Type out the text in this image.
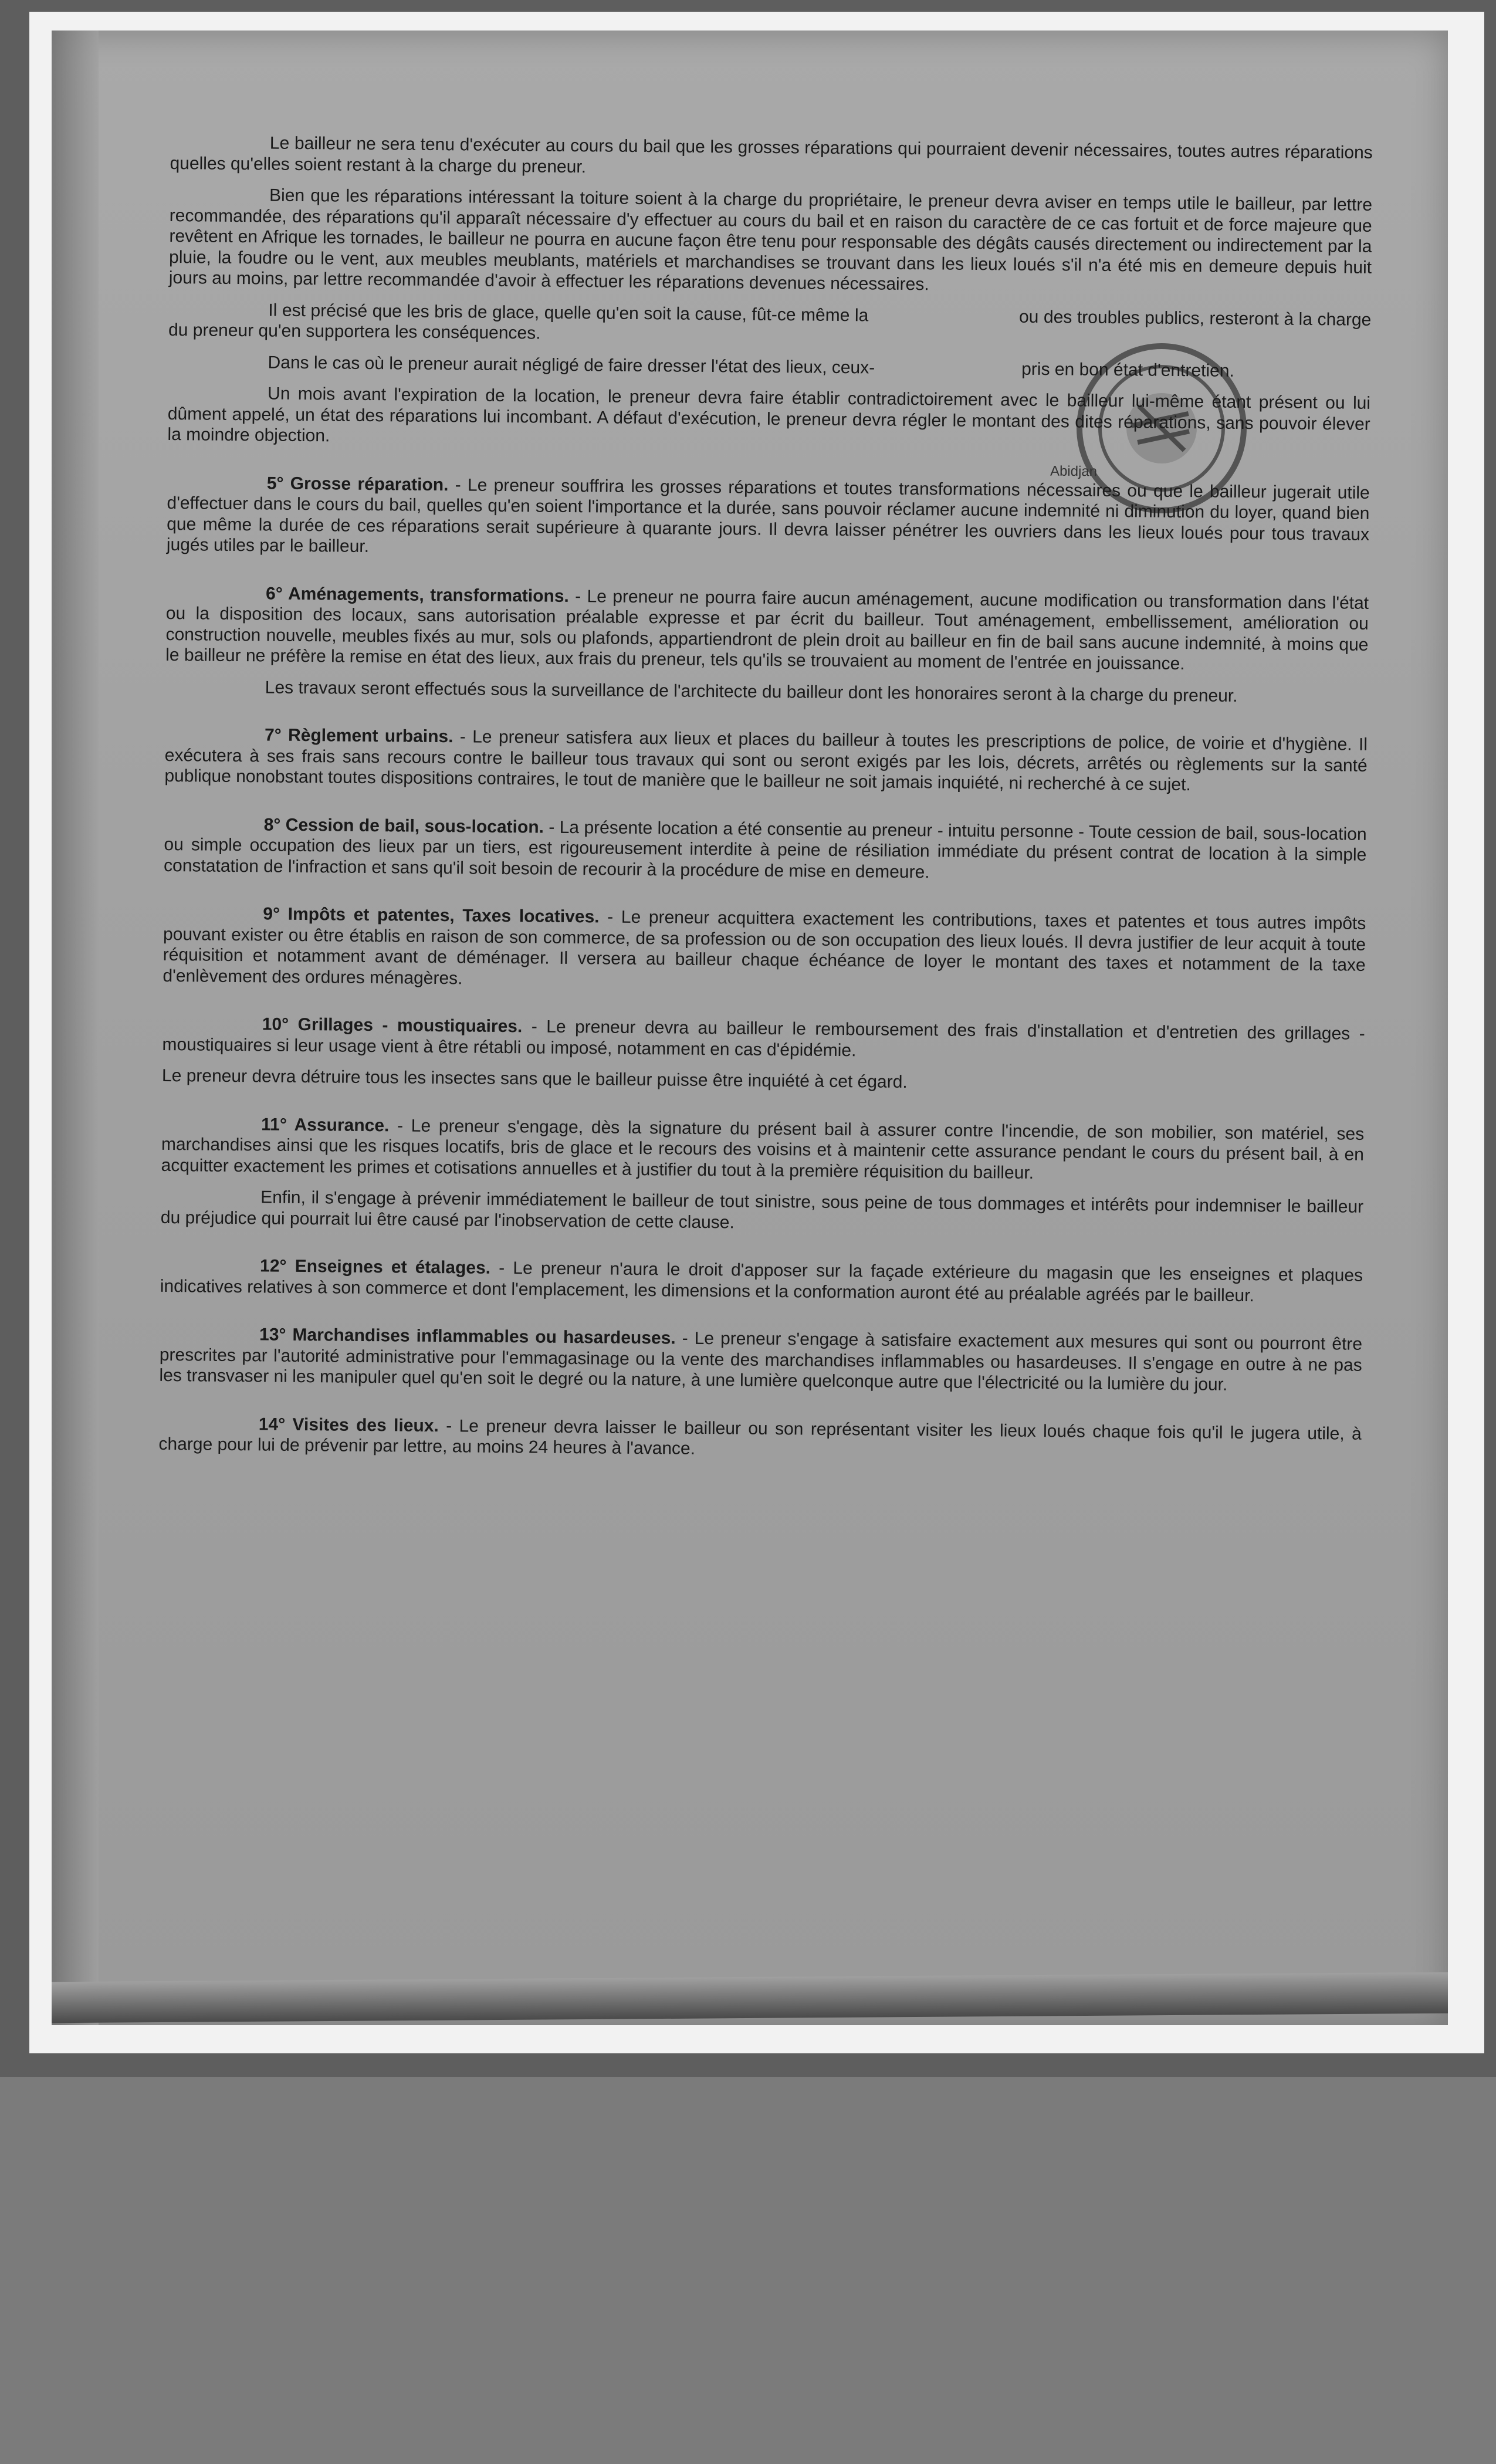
Abidjan

Le bailleur ne sera tenu d'exécuter au cours du bail que les grosses réparations qui pourraient devenir nécessaires, toutes autres réparations quelles qu'elles soient restant à la charge du preneur.

Bien que les réparations intéressant la toiture soient à la charge du propriétaire, le preneur devra aviser en temps utile le bailleur, par lettre recommandée, des réparations qu'il apparaît nécessaire d'y effectuer au cours du bail et en raison du caractère de ce cas fortuit et de force majeure que revêtent en Afrique les tornades, le bailleur ne pourra en aucune façon être tenu pour responsable des dégâts causés directement ou indirectement par la pluie, la foudre ou le vent, aux meubles meublants, matériels et marchandises se trouvant dans les lieux loués s'il n'a été mis en demeure depuis huit jours au moins, par lettre recommandée d'avoir à effectuer les réparations devenues nécessaires.

Il est précisé que les bris de glace, quelle qu'en soit la cause, fût-ce même la                              ou des troubles publics, resteront à la charge du preneur qu'en supportera les conséquences.

Dans le cas où le preneur aurait négligé de faire dresser l'état des lieux, ceux-                              pris en bon état d'entretien.

Un mois avant l'expiration de la location, le preneur devra faire établir contradictoirement avec le bailleur lui-même étant présent ou lui dûment appelé, un état des réparations lui incombant. A défaut d'exécution, le preneur devra régler le montant des dites réparations, sans pouvoir élever la moindre objection.

5° Grosse réparation. - Le preneur souffrira les grosses réparations et toutes transformations nécessaires ou que le bailleur jugerait utile d'effectuer dans le cours du bail, quelles qu'en soient l'importance et la durée, sans pouvoir réclamer aucune indemnité ni diminution du loyer, quand bien que même la durée de ces réparations serait supérieure à quarante jours. Il devra laisser pénétrer les ouvriers dans les lieux loués pour tous travaux jugés utiles par le bailleur.

6° Aménagements, transformations. - Le preneur ne pourra faire aucun aménagement, aucune modification ou transformation dans l'état ou la disposition des locaux, sans autorisation préalable expresse et par écrit du bailleur. Tout aménagement, embellissement, amélioration ou construction nouvelle, meubles fixés au mur, sols ou plafonds, appartiendront de plein droit au bailleur en fin de bail sans aucune indemnité, à moins que le bailleur ne préfère la remise en état des lieux, aux frais du preneur, tels qu'ils se trouvaient au moment de l'entrée en jouissance.

Les travaux seront effectués sous la surveillance de l'architecte du bailleur dont les honoraires seront à la charge du preneur.

7° Règlement urbains. - Le preneur satisfera aux lieux et places du bailleur à toutes les prescriptions de police, de voirie et d'hygiène. Il exécutera à ses frais sans recours contre le bailleur tous travaux qui sont ou seront exigés par les lois, décrets, arrêtés ou règlements sur la santé publique nonobstant toutes dispositions contraires, le tout de manière que le bailleur ne soit jamais inquiété, ni recherché à ce sujet.

8° Cession de bail, sous-location. - La présente location a été consentie au preneur - intuitu personne - Toute cession de bail, sous-location ou simple occupation des lieux par un tiers, est rigoureusement interdite à peine de résiliation immédiate du présent contrat de location à la simple constatation de l'infraction et sans qu'il soit besoin de recourir à la procédure de mise en demeure.

9° Impôts et patentes, Taxes locatives. - Le preneur acquittera exactement les contributions, taxes et patentes et tous autres impôts pouvant exister ou être établis en raison de son commerce, de sa profession ou de son occupation des lieux loués. Il devra justifier de leur acquit à toute réquisition et notamment avant de déménager. Il versera au bailleur chaque échéance de loyer le montant des taxes et notamment de la taxe d'enlèvement des ordures ménagères.

10° Grillages - moustiquaires. - Le preneur devra au bailleur le remboursement des frais d'installation et d'entretien des grillages - moustiquaires si leur usage vient à être rétabli ou imposé, notamment en cas d'épidémie.

Le preneur devra détruire tous les insectes sans que le bailleur puisse être inquiété à cet égard.

11° Assurance. - Le preneur s'engage, dès la signature du présent bail à assurer contre l'incendie, de son mobilier, son matériel, ses marchandises ainsi que les risques locatifs, bris de glace et le recours des voisins et à maintenir cette assurance pendant le cours du présent bail, à en acquitter exactement les primes et cotisations annuelles et à justifier du tout à la première réquisition du bailleur.

Enfin, il s'engage à prévenir immédiatement le bailleur de tout sinistre, sous peine de tous dommages et intérêts pour indemniser le bailleur du préjudice qui pourrait lui être causé par l'inobservation de cette clause.

12° Enseignes et étalages. - Le preneur n'aura le droit d'apposer sur la façade extérieure du magasin que les enseignes et plaques indicatives relatives à son commerce et dont l'emplacement, les dimensions et la conformation auront été au préalable agréés par le bailleur.

13° Marchandises inflammables ou hasardeuses. - Le preneur s'engage à satisfaire exactement aux mesures qui sont ou pourront être prescrites par l'autorité administrative pour l'emmagasinage ou la vente des marchandises inflammables ou hasardeuses. Il s'engage en outre à ne pas les transvaser ni les manipuler quel qu'en soit le degré ou la nature, à une lumière quelconque autre que l'électricité ou la lumière du jour.

14° Visites des lieux. - Le preneur devra laisser le bailleur ou son représentant visiter les lieux loués chaque fois qu'il le jugera utile, à charge pour lui de prévenir par lettre, au moins 24 heures à l'avance.
